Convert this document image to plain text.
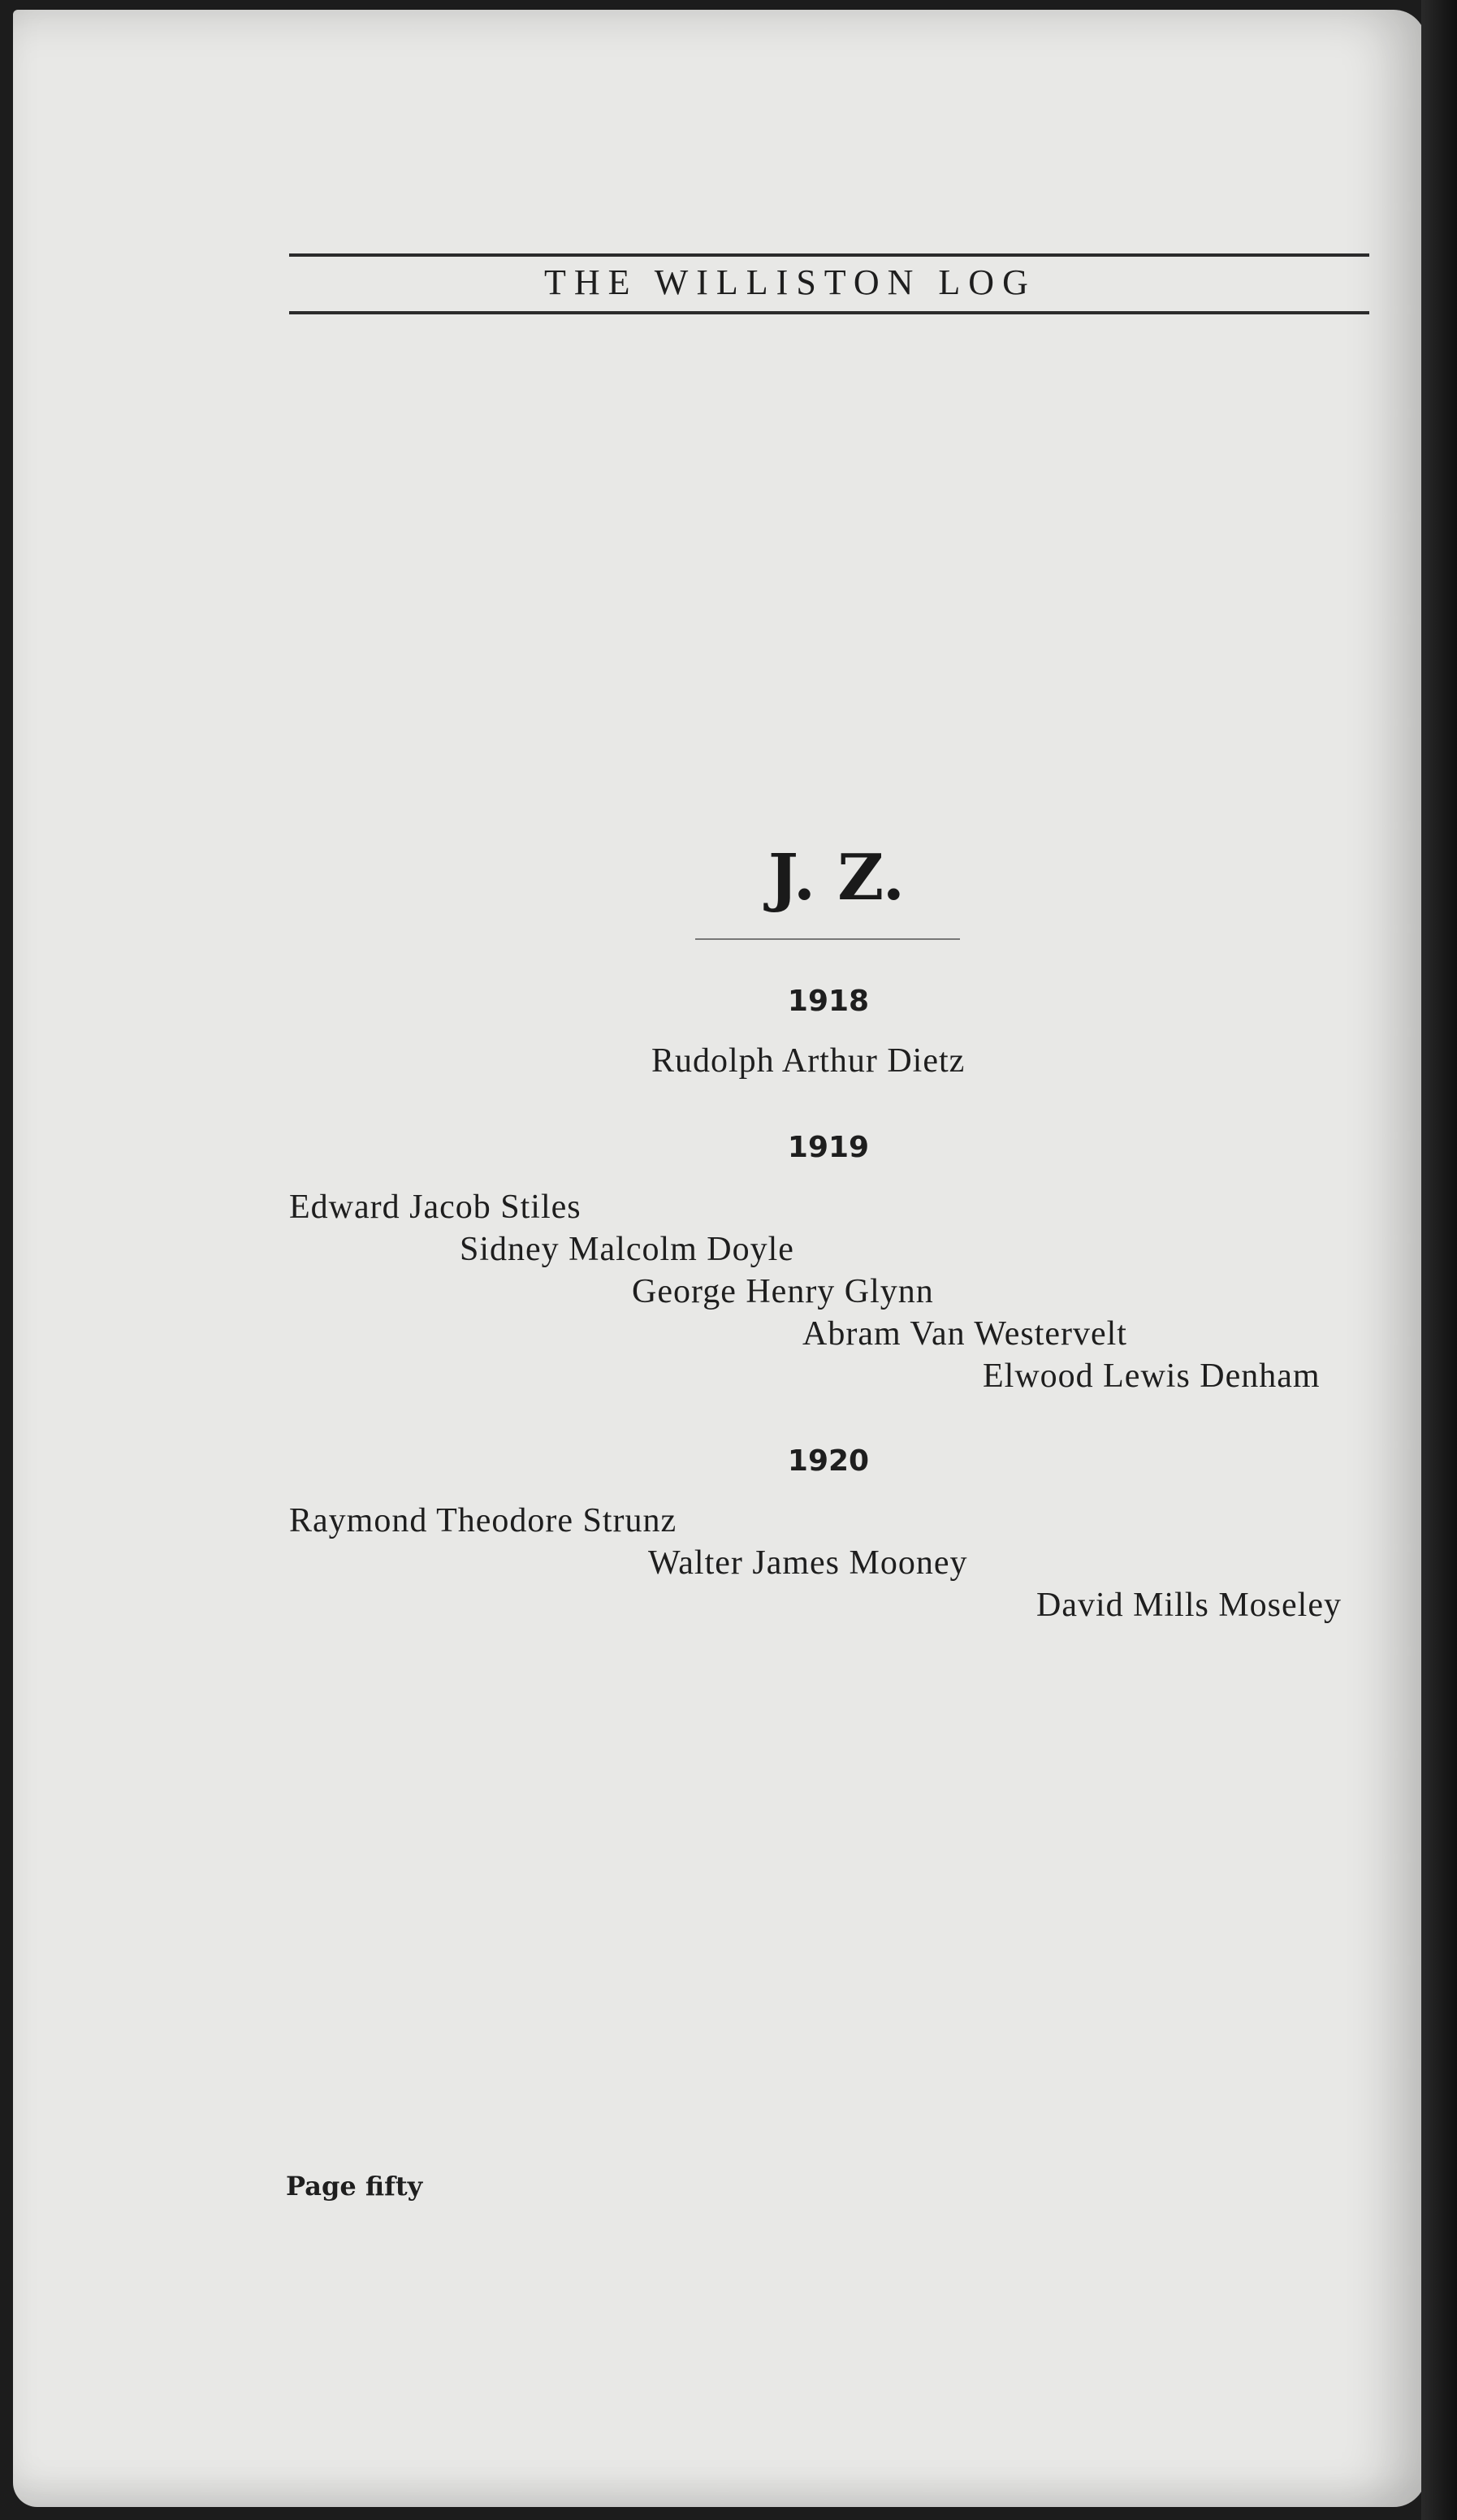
THE WILLISTON LOG
J. Z.
1918
Rudolph Arthur Dietz
1919
Edward Jacob Stiles
Sidney Malcolm Doyle
George Henry Glynn
Abram Van Westervelt
Elwood Lewis Denham
1920
Raymond Theodore Strunz
Walter James Mooney
David Mills Moseley
Page fifty
